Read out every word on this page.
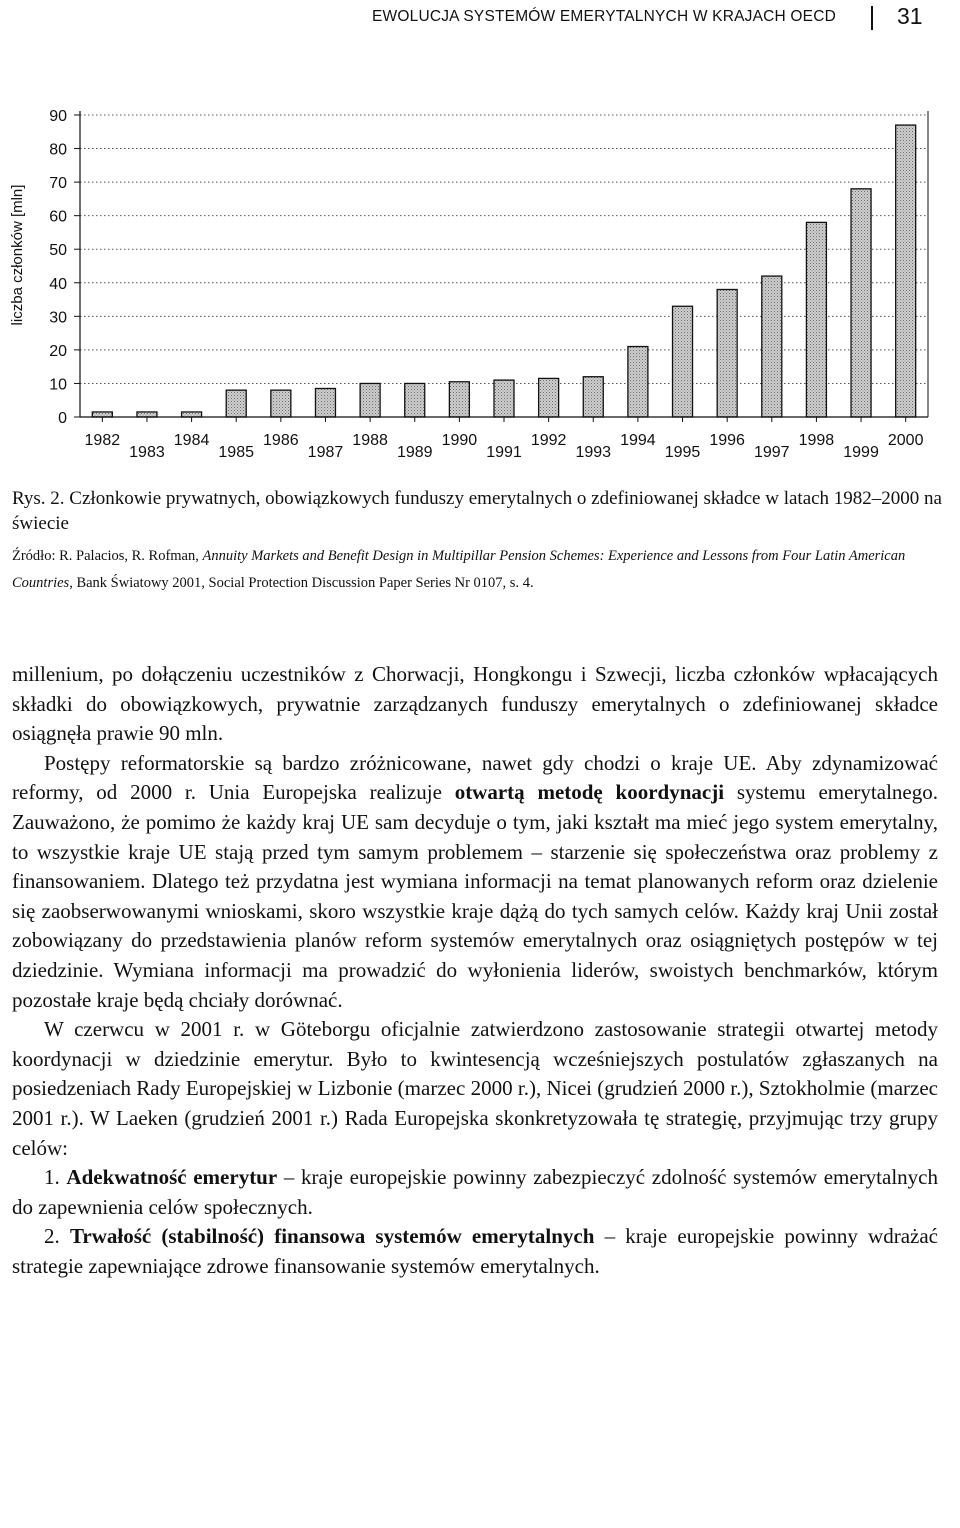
EWOLUCJA SYSTEMÓW EMERYTALNYCH W KRAJACH OECD	31
0
10
20
30
40
50
60
70
80
90
1982
1983
1984
1985
1986
1987
1988
1989
1990
1991
1992
1993
1994
1995
1996
1997
1998
1999
2000
liczba członków [mln]
Rys. 2. Członkowie prywatnych, obowiązkowych funduszy emerytalnych o zdefiniowanej składce w latach 1982–2000 na świecie
Źródło: R. Palacios, R. Rofman, Annuity Markets and Benefit Design in Multipillar Pension Schemes: Experience and Lessons from Four Latin American Countries, Bank Światowy 2001, Social Protection Discussion Paper Series Nr 0107, s. 4.

millenium, po dołączeniu uczestników z Chorwacji, Hongkongu i Szwecji, liczba członków wpłacających składki do obowiązkowych, prywatnie zarządzanych funduszy emerytalnych o zdefiniowanej składce osiągnęła prawie 90 mln.

Postępy reformatorskie są bardzo zróżnicowane, nawet gdy chodzi o kraje UE. Aby zdynamizować reformy, od 2000 r. Unia Europejska realizuje otwartą metodę koordynacji systemu emerytalnego. Zauważono, że pomimo że każdy kraj UE sam decyduje o tym, jaki kształt ma mieć jego system emerytalny, to wszystkie kraje UE stają przed tym samym problemem – starzenie się społeczeństwa oraz problemy z finansowaniem. Dlatego też przydatna jest wymiana informacji na temat planowanych reform oraz dzielenie się zaobserwowanymi wnioskami, skoro wszystkie kraje dążą do tych samych celów. Każdy kraj Unii został zobowiązany do przedstawienia planów reform systemów emerytalnych oraz osiągniętych postępów w tej dziedzinie. Wymiana informacji ma prowadzić do wyłonienia liderów, swoistych benchmarków, którym pozostałe kraje będą chciały dorównać.

W czerwcu w 2001 r. w Göteborgu oficjalnie zatwierdzono zastosowanie strategii otwartej metody koordynacji w dziedzinie emerytur. Było to kwintesencją wcześniejszych postulatów zgłaszanych na posiedzeniach Rady Europejskiej w Lizbonie (marzec 2000 r.), Nicei (grudzień 2000 r.), Sztokholmie (marzec 2001 r.). W Laeken (grudzień 2001 r.) Rada Europejska skonkretyzowała tę strategię, przyjmując trzy grupy celów:

1. Adekwatność emerytur – kraje europejskie powinny zabezpieczyć zdolność systemów emerytalnych do zapewnienia celów społecznych.

2. Trwałość (stabilność) finansowa systemów emerytalnych – kraje europejskie powinny wdrażać strategie zapewniające zdrowe finansowanie systemów emerytalnych.
